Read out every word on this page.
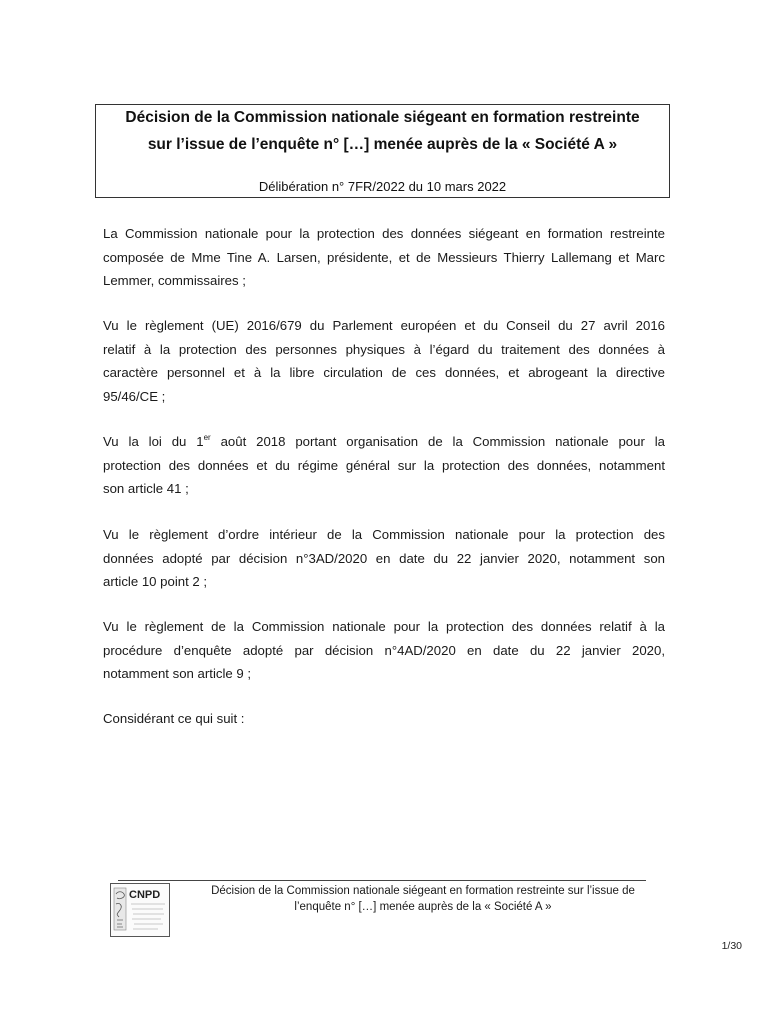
Décision de la Commission nationale siégeant en formation restreinte
sur l’issue de l’enquête n° […] menée auprès de la « Société A »
Délibération n° 7FR/2022 du 10 mars 2022
La Commission nationale pour la protection des données siégeant en formation restreinte
composée de Mme Tine A. Larsen, présidente, et de Messieurs Thierry Lallemang et Marc
Lemmer, commissaires ;
Vu le règlement (UE) 2016/679 du Parlement européen et du Conseil du 27 avril 2016
relatif à la protection des personnes physiques à l’égard du traitement des données à
caractère personnel et à la libre circulation de ces données, et abrogeant la directive
95/46/CE ;
Vu la loi du 1er août 2018 portant organisation de la Commission nationale pour la
protection des données et du régime général sur la protection des données, notamment
son article 41 ;
Vu le règlement d’ordre intérieur de la Commission nationale pour la protection des
données adopté par décision n°3AD/2020 en date du 22 janvier 2020, notamment son
article 10 point 2 ;
Vu le règlement de la Commission nationale pour la protection des données relatif à la
procédure d’enquête adopté par décision n°4AD/2020 en date du 22 janvier 2020,
notamment son article 9 ;
Considérant ce qui suit :
CNPD	Décision de la Commission nationale siégeant en formation restreinte sur l’issue de
l’enquête n° […] menée auprès de la « Société A »
1/30
